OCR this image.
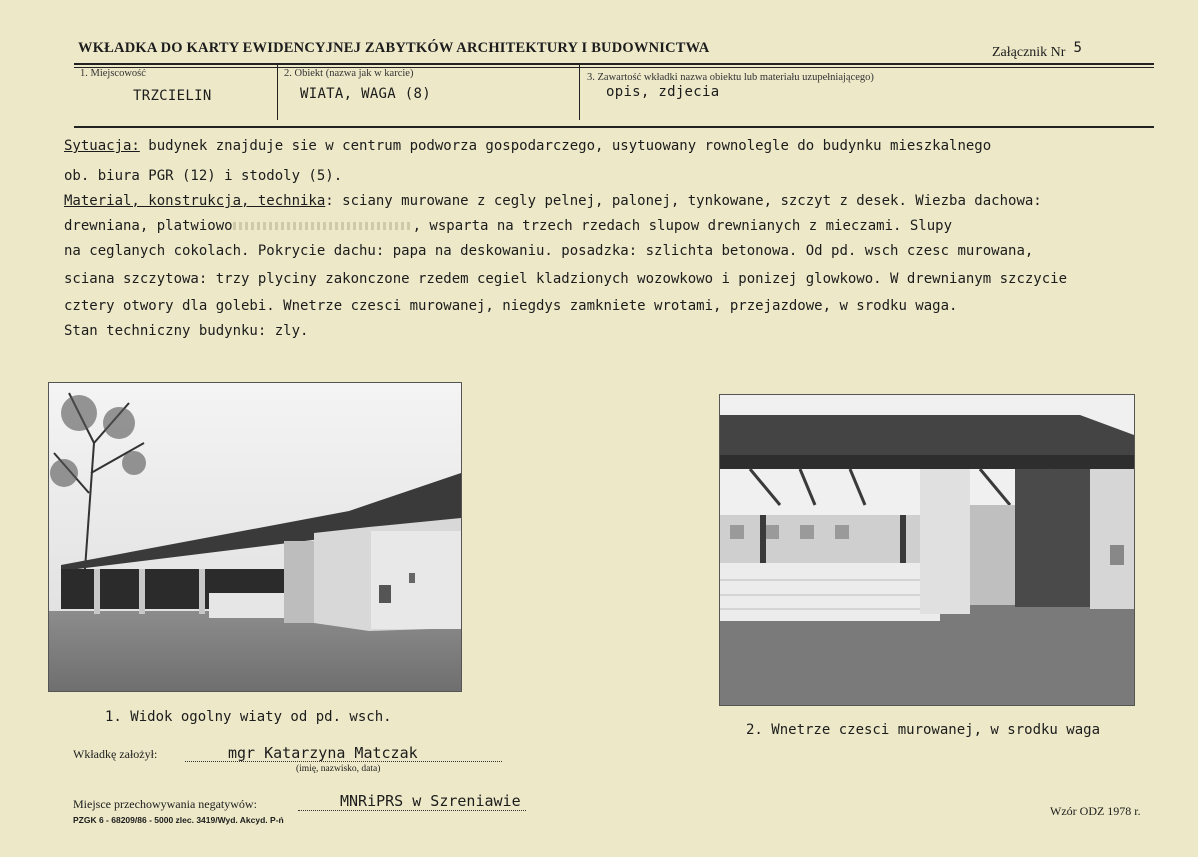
WKŁADKA DO KARTY EWIDENCYJNEJ ZABYTKÓW ARCHITEKTURY I BUDOWNICTWA	Załącznik Nr 5
1. Miejscowość
TRZCIELIN
2. Obiekt (nazwa jak w karcie)
WIATA, WAGA (8)
3. Zawartość wkładki nazwa obiektu lub materiału uzupełniającego)
opis, zdjecia
Sytuacja: budynek znajduje sie w centrum podworza gospodarczego, usytuowany rownolegle do budynku mieszkalnego
ob. biura PGR (12) i stodoly (5).
Material, konstrukcja, technika: sciany murowane z cegly pelnej, palonej, tynkowane, szczyt z desek. Wiezba dachowa:
drewniana, platwiowo	, wsparta na trzech rzedach slupow drewnianych z mieczami. Slupy
na ceglanych cokolach. Pokrycie dachu: papa na deskowaniu. posadzka: szlichta betonowa. Od pd. wsch czesc murowana,
sciana szczytowa: trzy plyciny zakonczone rzedem cegiel kladzionych wozowkowo i ponizej glowkowo. W drewnianym szczycie
cztery otwory dla golebi. Wnetrze czesci murowanej, niegdys zamkniete wrotami, przejazdowe, w srodku waga.
Stan techniczny budynku: zly.
1. Widok ogolny wiaty od pd. wsch.
2. Wnetrze czesci murowanej, w srodku waga
Wkładkę założył:	mgr Katarzyna Matczak
(imię, nazwisko, data)
Miejsce przechowywania negatywów:	MNRiPRS w Szreniawie
PZGK 6 - 68209/86 - 5000 zlec. 3419/Wyd. Akcyd. P-ń
Wzór ODZ 1978 r.
